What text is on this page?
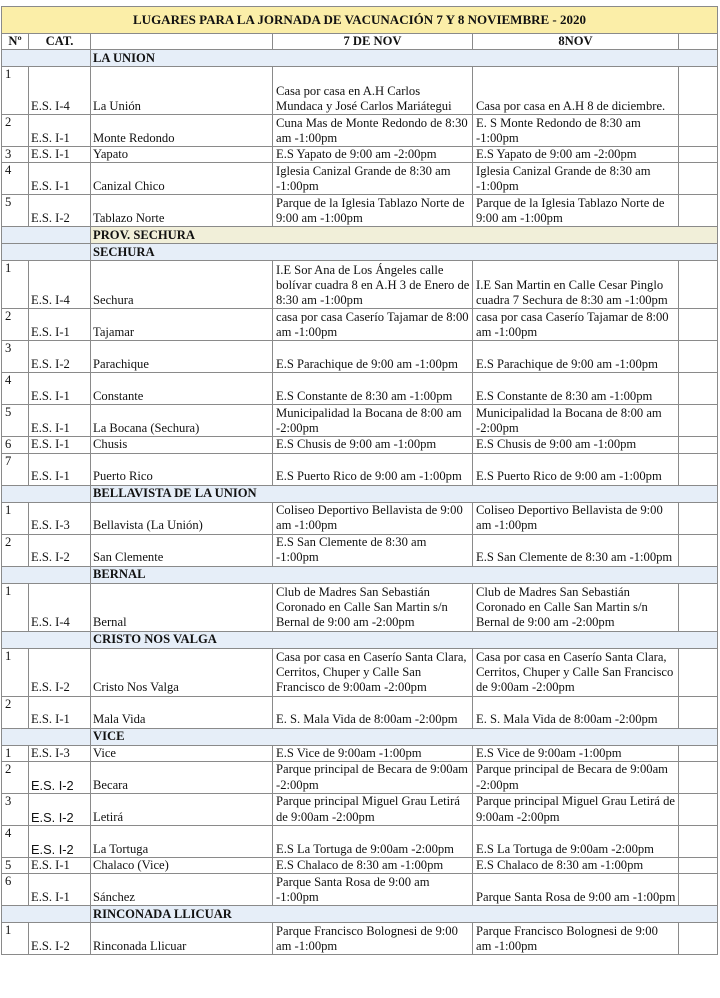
LUGARES PARA LA JORNADA DE VACUNACIÓN 7 Y 8 NOVIEMBRE - 2020					
Nº	CAT.		7 DE NOV	8NOV	
		LA UNION			
1	E.S. I-4	La Unión	Casa por casa en A.H Carlos Mundaca y José Carlos Mariátegui	Casa por casa en A.H 8 de diciembre.	
2	E.S. I-1	Monte Redondo	Cuna Mas de Monte Redondo de 8:30 am -1:00pm	E. S Monte Redondo de 8:30 am -1:00pm	
3	E.S. I-1	Yapato	E.S Yapato de 9:00 am -2:00pm	E.S Yapato de 9:00 am -2:00pm	
4	E.S. I-1	Canizal Chico	Iglesia Canizal Grande de 8:30 am -1:00pm	Iglesia Canizal Grande de 8:30 am -1:00pm	
5	E.S. I-2	Tablazo Norte	Parque de la Iglesia Tablazo Norte de 9:00 am -1:00pm	Parque de la Iglesia Tablazo Norte de 9:00 am -1:00pm	
		PROV. SECHURA			
		SECHURA			
1	E.S. I-4	Sechura	I.E Sor Ana de Los Ángeles calle bolívar cuadra 8 en A.H 3 de Enero de 8:30 am -1:00pm	I.E San Martin en Calle Cesar Pinglo cuadra 7 Sechura de 8:30 am -1:00pm	
2	E.S. I-1	Tajamar	casa por casa Caserío Tajamar de 8:00 am -1:00pm	casa por casa Caserío Tajamar de 8:00 am -1:00pm	
3	E.S. I-2	Parachique	E.S Parachique de 9:00 am -1:00pm	E.S Parachique de 9:00 am -1:00pm	
4	E.S. I-1	Constante	E.S Constante de 8:30 am -1:00pm	E.S Constante de 8:30 am -1:00pm	
5	E.S. I-1	La Bocana (Sechura)	Municipalidad la Bocana de 8:00 am -2:00pm	Municipalidad la Bocana de 8:00 am -2:00pm	
6	E.S. I-1	Chusis	E.S Chusis de 9:00 am -1:00pm	E.S Chusis de 9:00 am -1:00pm	
7	E.S. I-1	Puerto Rico	E.S Puerto Rico de 9:00 am -1:00pm	E.S Puerto Rico de 9:00 am -1:00pm	
		BELLAVISTA DE LA UNION			
1	E.S. I-3	Bellavista (La Unión)	Coliseo Deportivo Bellavista de 9:00 am -1:00pm	Coliseo Deportivo Bellavista de 9:00 am -1:00pm	
2	E.S. I-2	San Clemente	E.S San Clemente de 8:30 am -1:00pm	E.S San Clemente de 8:30 am -1:00pm	
		BERNAL			
1	E.S. I-4	Bernal	Club de Madres San Sebastián Coronado en Calle San Martin s/n Bernal de 9:00 am -2:00pm	Club de Madres San Sebastián Coronado en Calle San Martin s/n Bernal de 9:00 am -2:00pm	
		CRISTO NOS VALGA			
1	E.S. I-2	Cristo Nos Valga	Casa por casa en Caserío Santa Clara, Cerritos, Chuper y Calle San Francisco de 9:00am -2:00pm	Casa por casa en Caserío Santa Clara, Cerritos, Chuper y Calle San Francisco de 9:00am -2:00pm	
2	E.S. I-1	Mala Vida	E. S. Mala Vida de 8:00am -2:00pm	E. S. Mala Vida de 8:00am -2:00pm	
		VICE			
1	E.S. I-3	Vice	E.S Vice de 9:00am -1:00pm	E.S Vice de 9:00am -1:00pm	
2	E.S. I-2	Becara	Parque principal de Becara de 9:00am -2:00pm	Parque principal de Becara de 9:00am -2:00pm	
3	E.S. I-2	Letirá	Parque principal Miguel Grau Letirá de 9:00am -2:00pm	Parque principal Miguel Grau Letirá de 9:00am -2:00pm	
4	E.S. I-2	La Tortuga	E.S La Tortuga de 9:00am -2:00pm	E.S La Tortuga de 9:00am -2:00pm	
5	E.S. I-1	Chalaco (Vice)	E.S Chalaco de 8:30 am -1:00pm	E.S Chalaco de 8:30 am -1:00pm	
6	E.S. I-1	Sánchez	Parque Santa Rosa de 9:00 am -1:00pm	Parque Santa Rosa de 9:00 am -1:00pm	
		RINCONADA LLICUAR			
1	E.S. I-2	Rinconada Llicuar	Parque Francisco Bolognesi de 9:00 am -1:00pm	Parque Francisco Bolognesi de 9:00 am -1:00pm	
